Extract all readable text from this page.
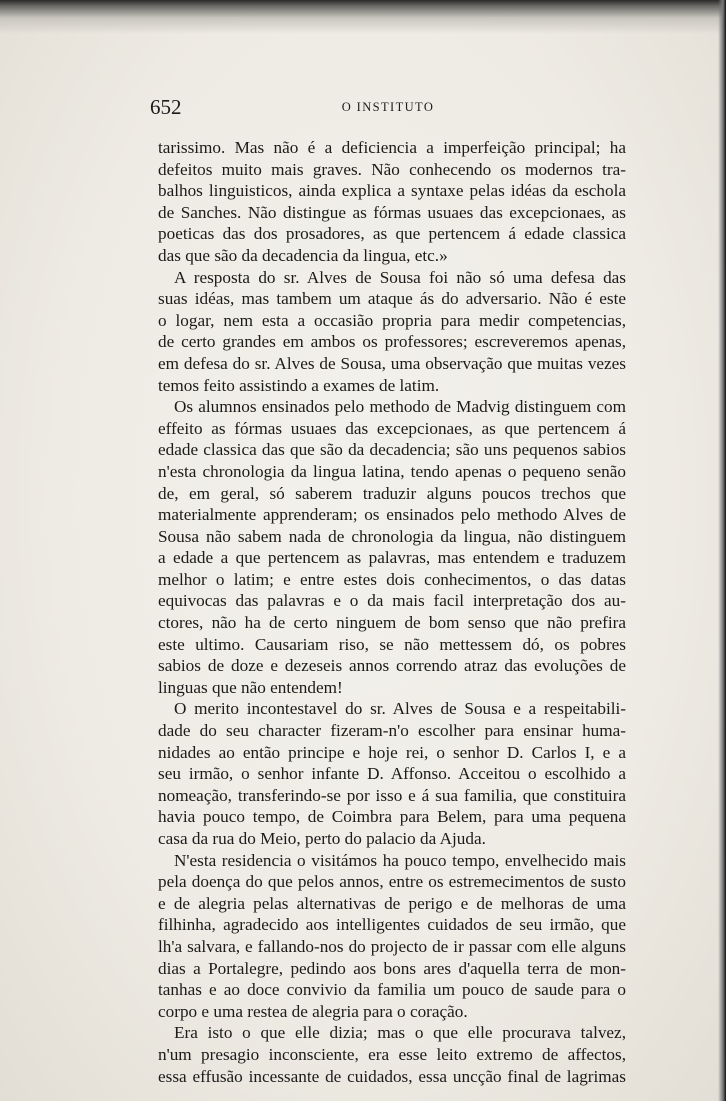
652	O INSTITUTO
tarissimo. Mas não é a deficiencia a imperfeição principal; ha
defeitos muito mais graves. Não conhecendo os modernos tra-
balhos linguisticos, ainda explica a syntaxe pelas idéas da eschola
de Sanches. Não distingue as fórmas usuaes das excepcionaes, as
poeticas das dos prosadores, as que pertencem á edade classica
das que são da decadencia da lingua, etc.»
A resposta do sr. Alves de Sousa foi não só uma defesa das
suas idéas, mas tambem um ataque ás do adversario. Não é este
o logar, nem esta a occasião propria para medir competencias,
de certo grandes em ambos os professores; escreveremos apenas,
em defesa do sr. Alves de Sousa, uma observação que muitas vezes
temos feito assistindo a exames de latim.
Os alumnos ensinados pelo methodo de Madvig distinguem com
effeito as fórmas usuaes das excepcionaes, as que pertencem á
edade classica das que são da decadencia; são uns pequenos sabios
n'esta chronologia da lingua latina, tendo apenas o pequeno senão
de, em geral, só saberem traduzir alguns poucos trechos que
materialmente apprenderam; os ensinados pelo methodo Alves de
Sousa não sabem nada de chronologia da lingua, não distinguem
a edade a que pertencem as palavras, mas entendem e traduzem
melhor o latim; e entre estes dois conhecimentos, o das datas
equivocas das palavras e o da mais facil interpretação dos au-
ctores, não ha de certo ninguem de bom senso que não prefira
este ultimo. Causariam riso, se não mettessem dó, os pobres
sabios de doze e dezeseis annos correndo atraz das evoluções de
linguas que não entendem!
O merito incontestavel do sr. Alves de Sousa e a respeitabili-
dade do seu character fizeram-n'o escolher para ensinar huma-
nidades ao então principe e hoje rei, o senhor D. Carlos I, e a
seu irmão, o senhor infante D. Affonso. Acceitou o escolhido a
nomeação, transferindo-se por isso e á sua familia, que constituira
havia pouco tempo, de Coimbra para Belem, para uma pequena
casa da rua do Meio, perto do palacio da Ajuda.
N'esta residencia o visitámos ha pouco tempo, envelhecido mais
pela doença do que pelos annos, entre os estremecimentos de susto
e de alegria pelas alternativas de perigo e de melhoras de uma
filhinha, agradecido aos intelligentes cuidados de seu irmão, que
lh'a salvara, e fallando-nos do projecto de ir passar com elle alguns
dias a Portalegre, pedindo aos bons ares d'aquella terra de mon-
tanhas e ao doce convivio da familia um pouco de saude para o
corpo e uma restea de alegria para o coração.
Era isto o que elle dizia; mas o que elle procurava talvez,
n'um presagio inconsciente, era esse leito extremo de affectos,
essa effusão incessante de cuidados, essa uncção final de lagrimas
